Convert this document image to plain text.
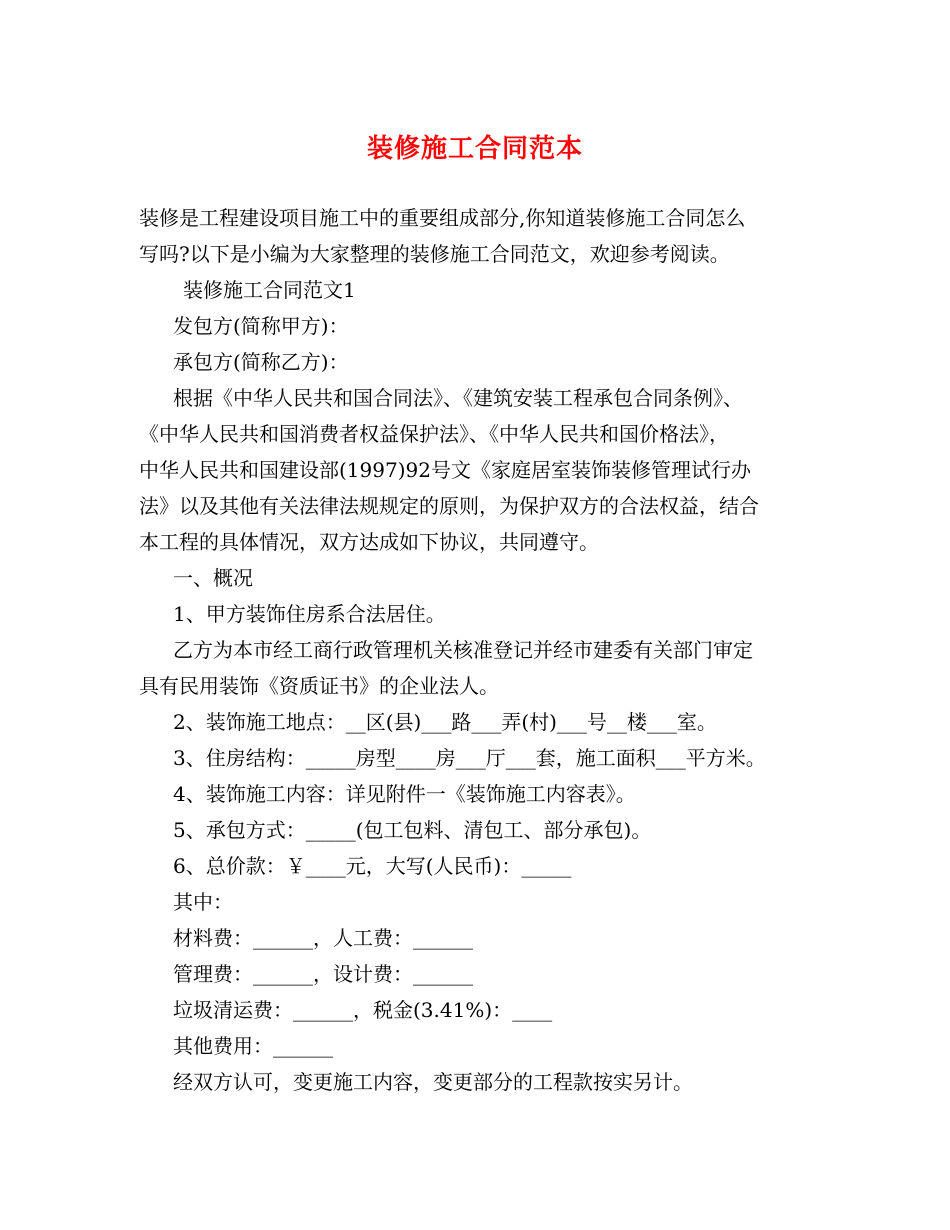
装修施工合同范本
装修是工程建设项目施工中的重要组成部分,你知道装修施工合同怎么
写吗?以下是小编为大家整理的装修施工合同范文，欢迎参考阅读。
装修施工合同范文1
发包方(简称甲方)：
承包方(简称乙方)：
根据《中华人民共和国合同法》、《建筑安装工程承包合同条例》、
《中华人民共和国消费者权益保护法》、《中华人民共和国价格法》，
中华人民共和国建设部(1997)92号文《家庭居室装饰装修管理试行办
法》以及其他有关法律法规规定的原则，为保护双方的合法权益，结合
本工程的具体情况，双方达成如下协议，共同遵守。
一、概况
1、甲方装饰住房系合法居住。
乙方为本市经工商行政管理机关核准登记并经市建委有关部门审定
具有民用装饰《资质证书》的企业法人。
2、装饰施工地点：__区(县)___路___弄(村)___号__楼___室。
3、住房结构：_____房型____房___厅___套，施工面积___平方米。
4、装饰施工内容：详见附件一《装饰施工内容表》。
5、承包方式：_____(包工包料、清包工、部分承包)。
6、总价款：￥____元，大写(人民币)：_____
其中：
材料费：______，人工费：______
管理费：______，设计费：______
垃圾清运费：______，税金(3.41%)：____
其他费用：______
经双方认可，变更施工内容，变更部分的工程款按实另计。
